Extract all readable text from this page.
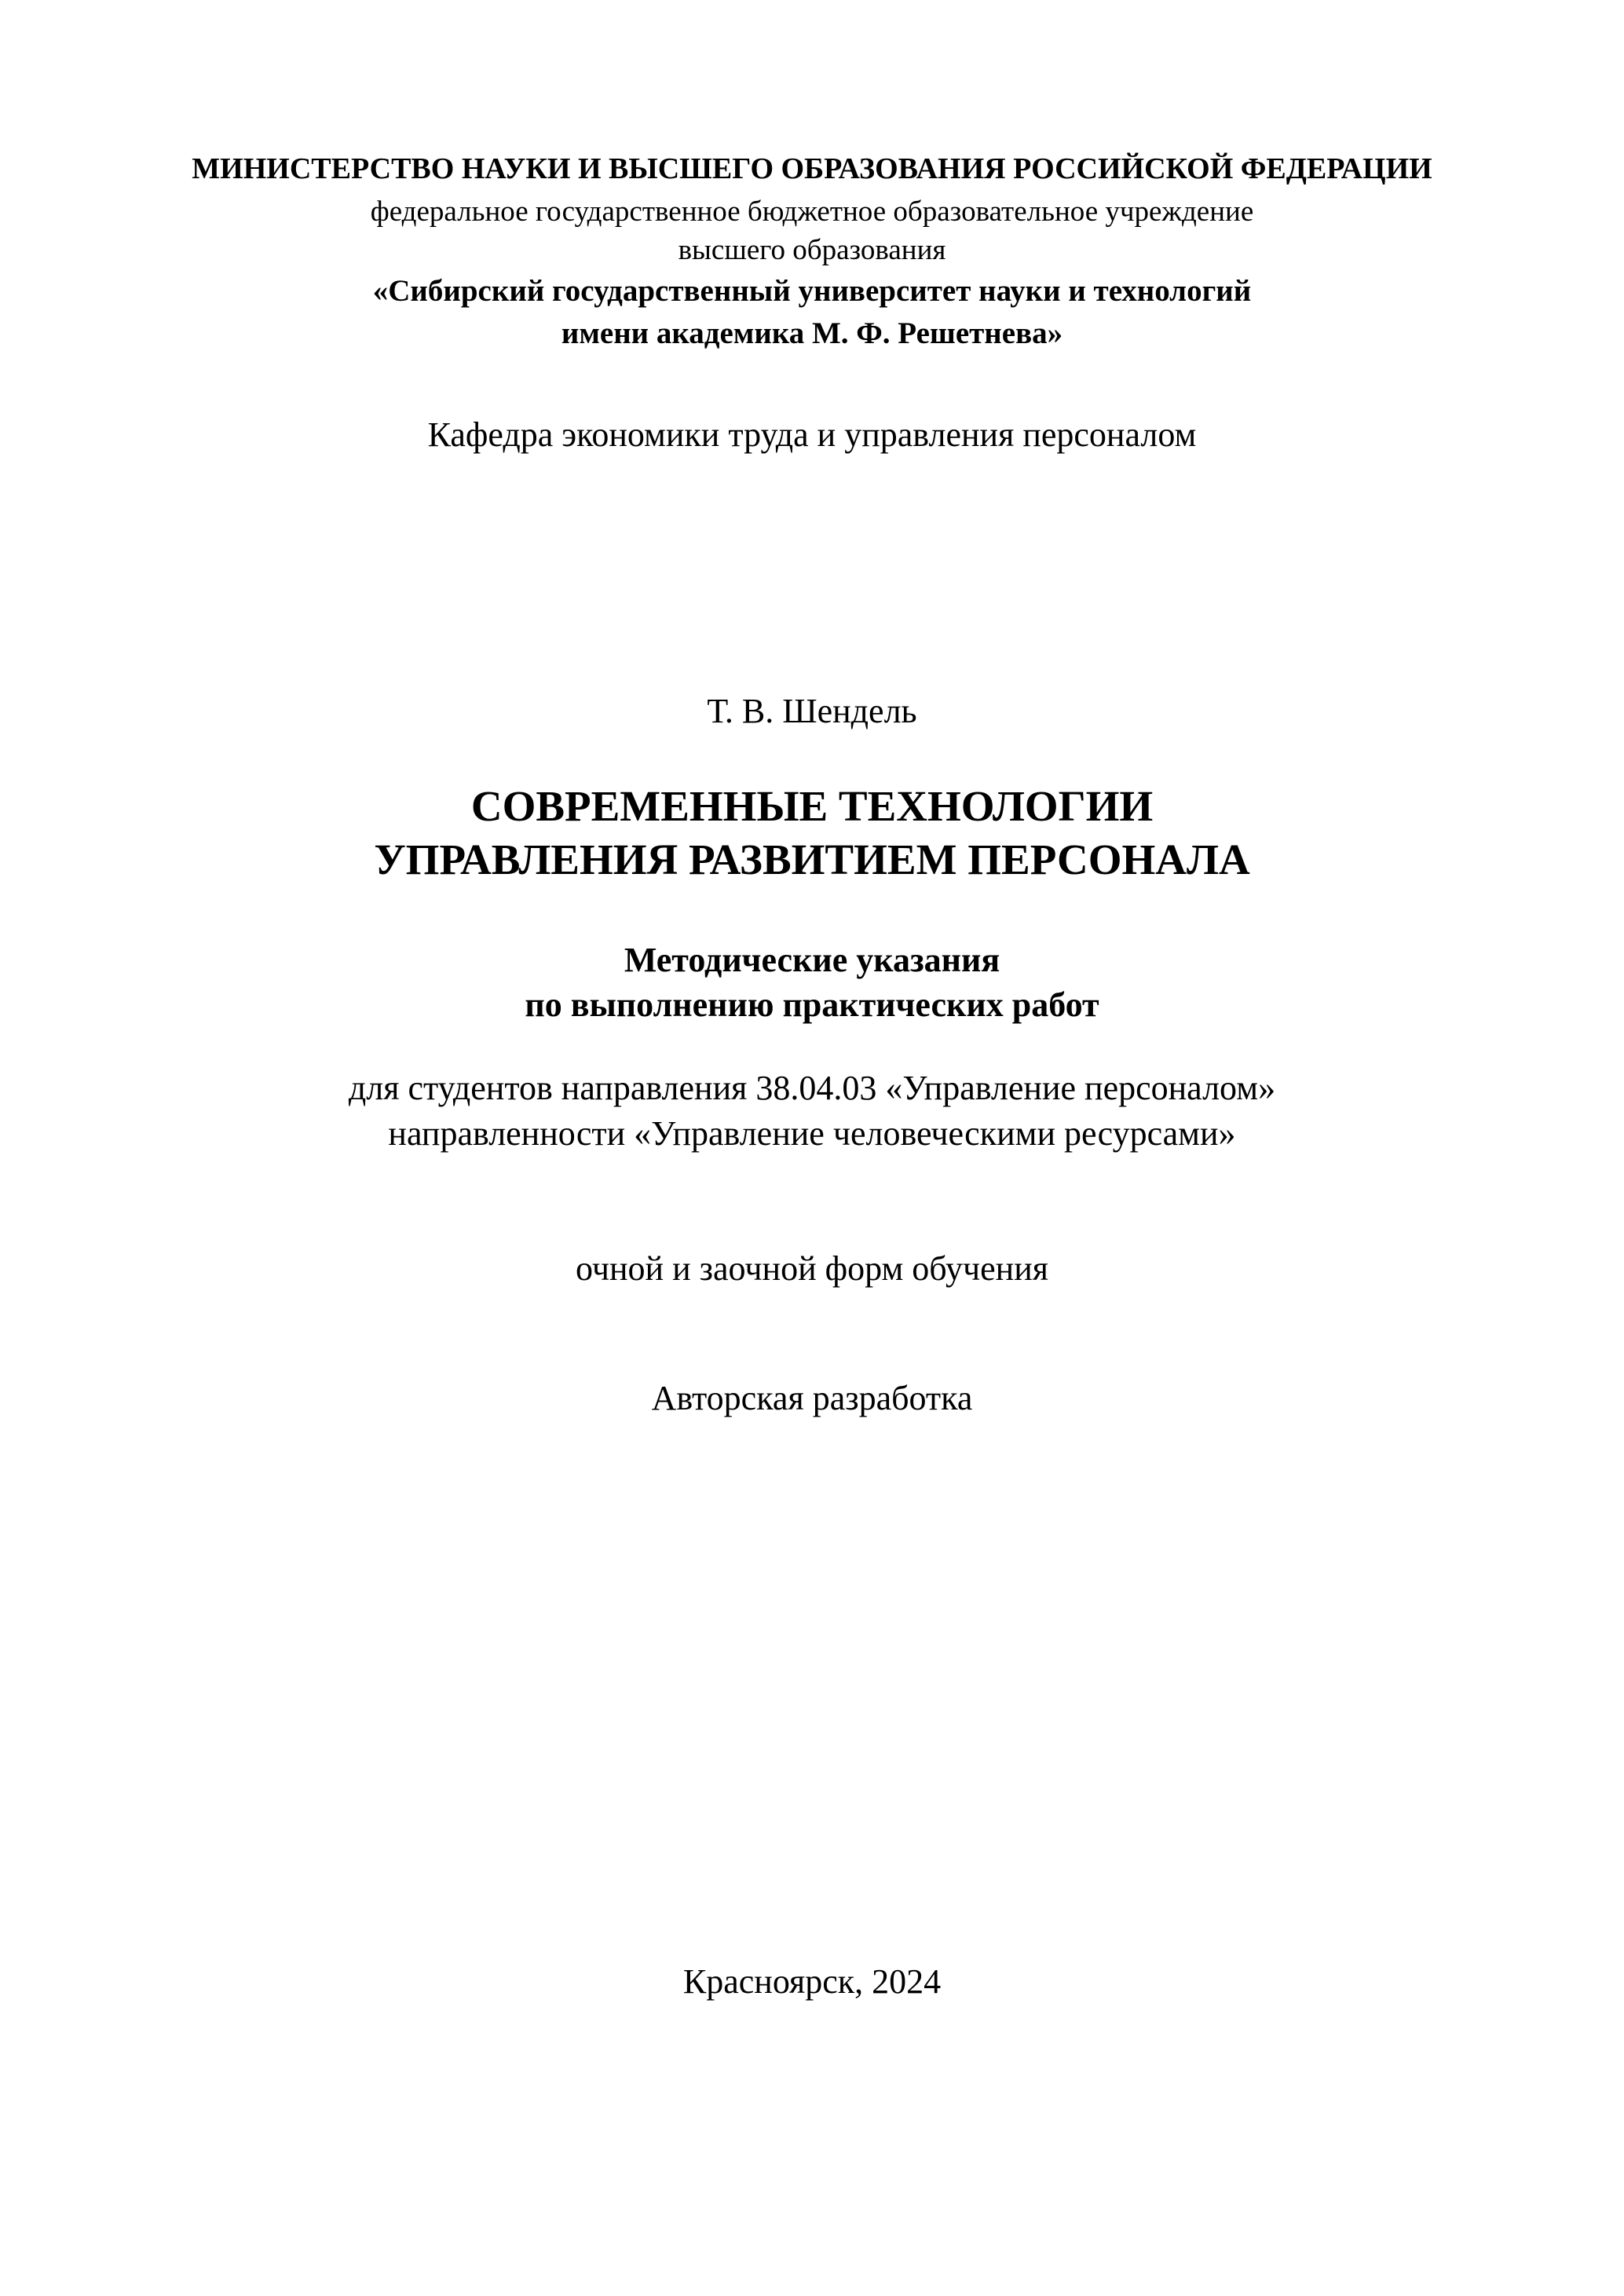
МИНИСТЕРСТВО НАУКИ И ВЫСШЕГО ОБРАЗОВАНИЯ РОССИЙСКОЙ ФЕДЕРАЦИИ
федеральное государственное бюджетное образовательное учреждение
высшего образования
«Сибирский государственный университет науки и технологий
имени академика М. Ф. Решетнева»
Кафедра экономики труда и управления персоналом
Т. В. Шендель
СОВРЕМЕННЫЕ ТЕХНОЛОГИИ
УПРАВЛЕНИЯ РАЗВИТИЕМ ПЕРСОНАЛА
Методические указания
по выполнению практических работ
для студентов направления 38.04.03 «Управление персоналом»
направленности «Управление человеческими ресурсами»
очной и заочной форм обучения
Авторская разработка
Красноярск, 2024
